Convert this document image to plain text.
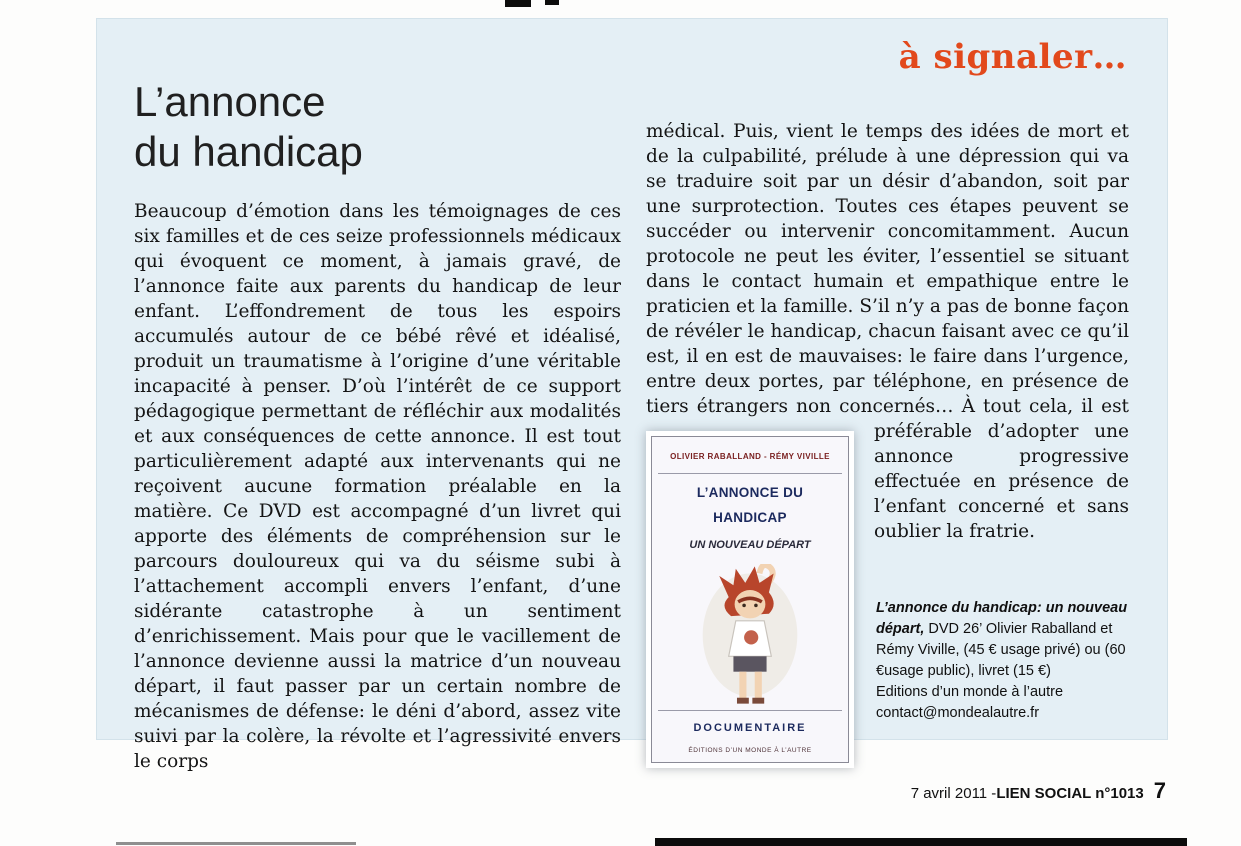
à signaler…
L’annonce
du handicap
Beaucoup d’émotion dans les témoignages de ces six familles et de ces seize professionnels médicaux qui évoquent ce moment, à jamais gravé, de l’annonce faite aux parents du handicap de leur enfant. L’effondrement de tous les espoirs accumulés autour de ce bébé rêvé et idéalisé, produit un traumatisme à l’origine d’une véritable incapacité à penser. D’où l’intérêt de ce support pédagogique permettant de réfléchir aux modalités et aux conséquences de cette annonce. Il est tout particulièrement adapté aux intervenants qui ne reçoivent aucune formation préalable en la matière. Ce DVD est accompagné d’un livret qui apporte des éléments de compréhension sur le parcours douloureux qui va du séisme subi à l’attachement accompli envers l’enfant, d’une sidérante catastrophe à un sentiment d’enrichissement. Mais pour que le vacillement de l’annonce devienne aussi la matrice d’un nouveau départ, il faut passer par un certain nombre de mécanismes de défense: le déni d’abord, assez vite suivi par la colère, la révolte et l’agressivité envers le corps
médical. Puis, vient le temps des idées de mort et de la culpabilité, prélude à une dépression qui va se traduire soit par un désir d’abandon, soit par une surprotection. Toutes ces étapes peuvent se succéder ou intervenir concomitamment. Aucun protocole ne peut les éviter, l’essentiel se situant dans le contact humain et empathique entre le praticien et la famille. S’il n’y a pas de bonne façon de révéler le handicap, chacun faisant avec ce qu’il est, il en est de mauvaises: le faire dans l’urgence, entre deux portes, par téléphone, en présence de tiers étrangers non concernés… À tout
OLIVIER RABALLAND - RÉMY VIVILLE
L’ANNONCE DU HANDICAP
UN NOUVEAU DÉPART
DOCUMENTAIRE
ÉDITIONS D’UN MONDE À L’AUTRE
cela, il est préférable d’adopter une annonce progressive effectuée en présence de l’enfant concerné et sans oublier la fratrie.
L’annonce du handicap: un nouveau départ, DVD 26’ Olivier Raballand et Rémy Viville, (45 € usage privé) ou (60 €usage public), livret (15 €)
Editions d’un monde à l’autre
contact@mondealautre.fr
7 avril 2011 - LIEN SOCIAL n°1013 7
